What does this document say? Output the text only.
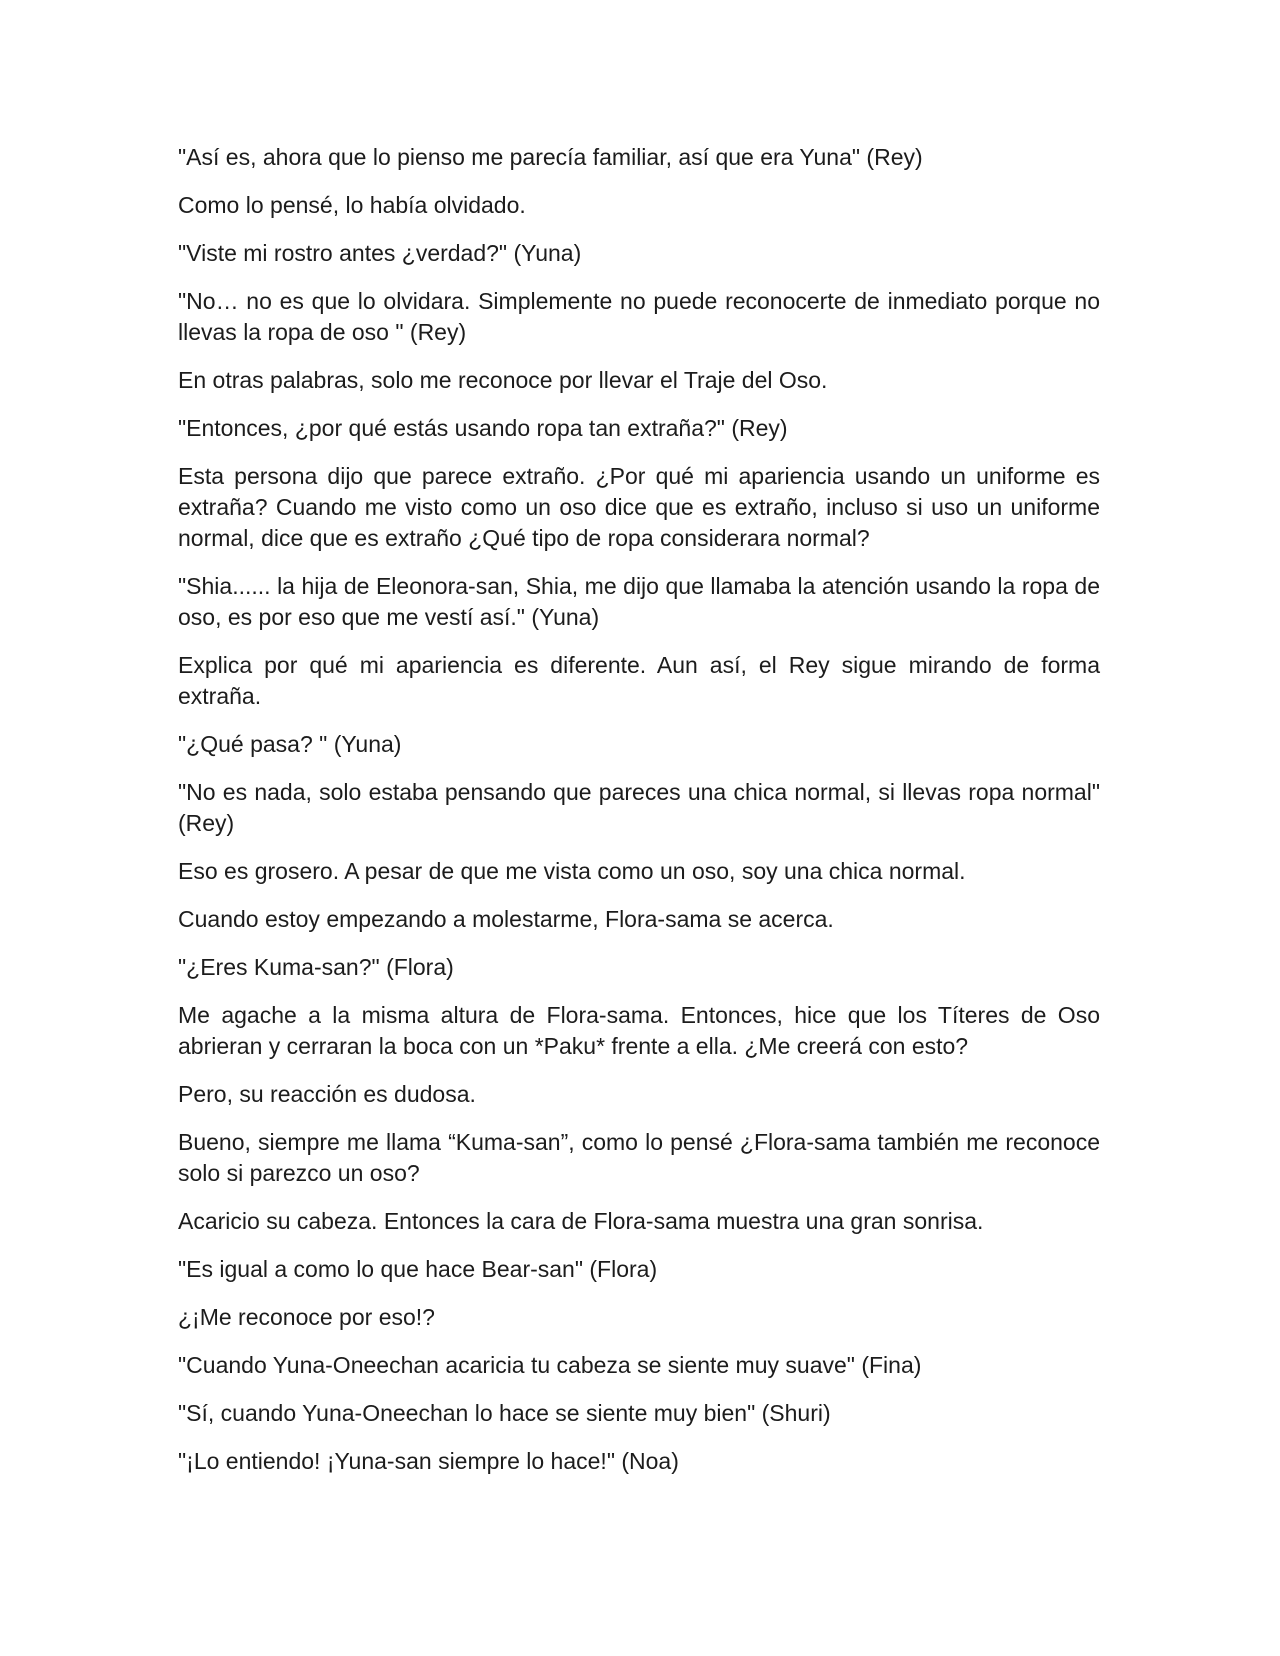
"Así es, ahora que lo pienso me parecía familiar, así que era Yuna" (Rey)

Como lo pensé, lo había olvidado.

"Viste mi rostro antes ¿verdad?" (Yuna)

"No… no es que lo olvidara. Simplemente no puede reconocerte de inmediato porque no llevas la ropa de oso " (Rey)

En otras palabras, solo me reconoce por llevar el Traje del Oso.

"Entonces, ¿por qué estás usando ropa tan extraña?" (Rey)

Esta persona dijo que parece extraño. ¿Por qué mi apariencia usando un uniforme es extraña? Cuando me visto como un oso dice que es extraño, incluso si uso un uniforme normal, dice que es extraño ¿Qué tipo de ropa considerara normal?

"Shia...... la hija de Eleonora-san, Shia, me dijo que llamaba la atención usando la ropa de oso, es por eso que me vestí así." (Yuna)

Explica por qué mi apariencia es diferente. Aun así, el Rey sigue mirando de forma extraña.

"¿Qué pasa? " (Yuna)

"No es nada, solo estaba pensando que pareces una chica normal, si llevas ropa normal" (Rey)

Eso es grosero. A pesar de que me vista como un oso, soy una chica normal.

Cuando estoy empezando a molestarme, Flora-sama se acerca.

"¿Eres Kuma-san?" (Flora)

Me agache a la misma altura de Flora-sama. Entonces, hice que los Títeres de Oso abrieran y cerraran la boca con un *Paku* frente a ella. ¿Me creerá con esto?

Pero, su reacción es dudosa.

Bueno, siempre me llama “Kuma-san”, como lo pensé ¿Flora-sama también me reconoce solo si parezco un oso?

Acaricio su cabeza. Entonces la cara de Flora-sama muestra una gran sonrisa.

"Es igual a como lo que hace Bear-san" (Flora)

¿¡Me reconoce por eso!?

"Cuando Yuna-Oneechan acaricia tu cabeza se siente muy suave" (Fina)

"Sí, cuando Yuna-Oneechan lo hace se siente muy bien" (Shuri)

"¡Lo entiendo! ¡Yuna-san siempre lo hace!" (Noa)
